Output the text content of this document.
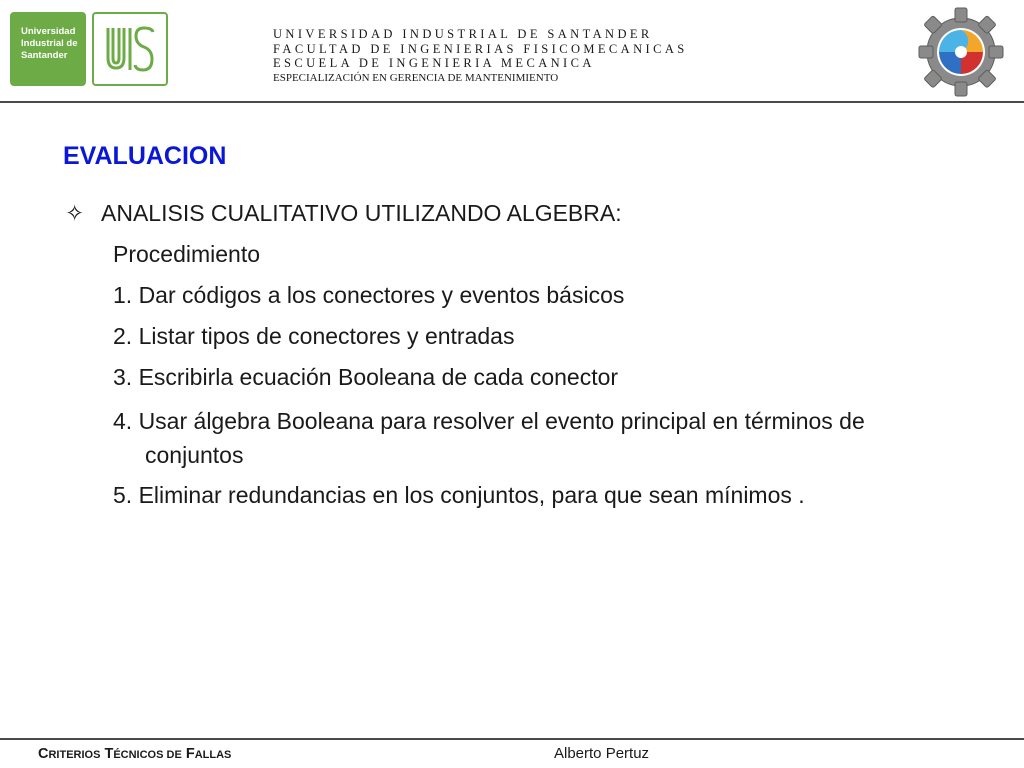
Universidad
Industrial de
Santander
UNIVERSIDAD INDUSTRIAL DE SANTANDER
FACULTAD DE INGENIERIAS FISICOMECANICAS
ESCUELA DE INGENIERIA MECANICA
ESPECIALIZACIÓN EN GERENCIA DE MANTENIMIENTO
EVALUACION
✧ ANALISIS CUALITATIVO UTILIZANDO ALGEBRA:
Procedimiento
1. Dar códigos a los conectores y eventos básicos
2. Listar tipos de conectores y entradas
3. Escribirla ecuación Booleana de cada conector
4. Usar álgebra Booleana para resolver el evento principal en términos de
conjuntos
5. Eliminar redundancias en los conjuntos, para que sean mínimos .
CRITERIOS TÉCNICOS DE FALLAS	Alberto Pertuz
